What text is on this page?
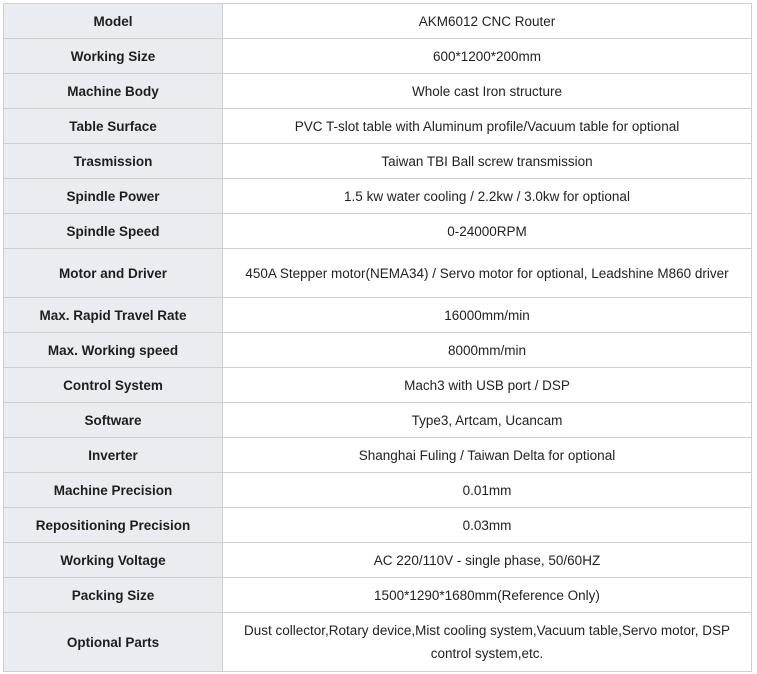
Model	AKM6012 CNC Router
Working Size	600*1200*200mm
Machine Body	Whole cast Iron structure
Table Surface	PVC T-slot table with Aluminum profile/Vacuum table for optional
Trasmission	Taiwan TBI Ball screw transmission
Spindle Power	1.5 kw water cooling / 2.2kw / 3.0kw for optional
Spindle Speed	0-24000RPM
Motor and Driver	450A Stepper motor(NEMA34) / Servo motor for optional, Leadshine M860 driver
Max. Rapid Travel Rate	16000mm/min
Max. Working speed	8000mm/min
Control System	Mach3 with USB port / DSP
Software	Type3, Artcam, Ucancam
Inverter	Shanghai Fuling / Taiwan Delta for optional
Machine Precision	0.01mm
Repositioning Precision	0.03mm
Working Voltage	AC 220/110V - single phase, 50/60HZ
Packing Size	1500*1290*1680mm(Reference Only)
Optional Parts	Dust collector,Rotary device,Mist cooling system,Vacuum table,Servo motor, DSP control system,etc.
